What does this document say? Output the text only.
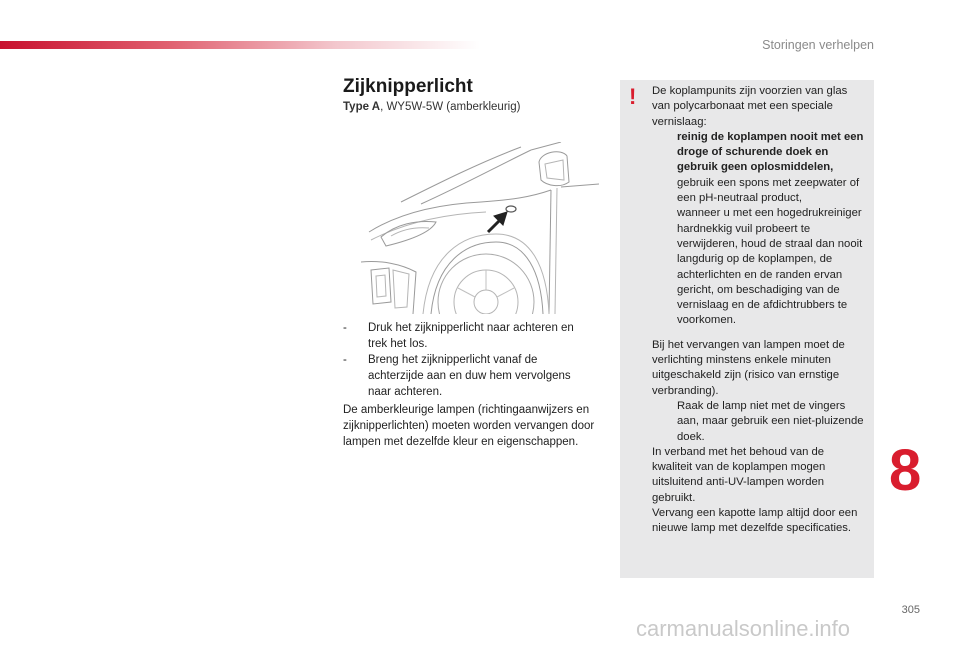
Storingen verhelpen
Zijknipperlicht
Type A, WY5W-5W (amberkleurig)
- Druk het zijknipperlicht naar achteren en trek het los.
- Breng het zijknipperlicht vanaf de achterzijde aan en duw hem vervolgens naar achteren.
De amberkleurige lampen (richtingaanwijzers en zijknipperlichten) moeten worden vervangen door lampen met dezelfde kleur en eigenschappen.
! De koplampunits zijn voorzien van glas van polycarbonaat met een speciale vernislaag:

reinig de koplampen nooit met een droge of schurende doek en gebruik geen oplosmiddelen,
gebruik een spons met zeepwater of een pH-neutraal product,
wanneer u met een hogedrukreiniger hardnekkig vuil probeert te verwijderen, houd de straal dan nooit langdurig op de koplampen, de achterlichten en de randen ervan gericht, om beschadiging van de vernislaag en de afdichtrubbers te voorkomen.

Bij het vervangen van lampen moet de verlichting minstens enkele minuten uitgeschakeld zijn (risico van ernstige verbranding).

Raak de lamp niet met de vingers aan, maar gebruik een niet-pluizende doek.

In verband met het behoud van de kwaliteit van de koplampen mogen uitsluitend anti-UV-lampen worden gebruikt.

Vervang een kapotte lamp altijd door een nieuwe lamp met dezelfde specificaties.

8
305
carmanualsonline.info
